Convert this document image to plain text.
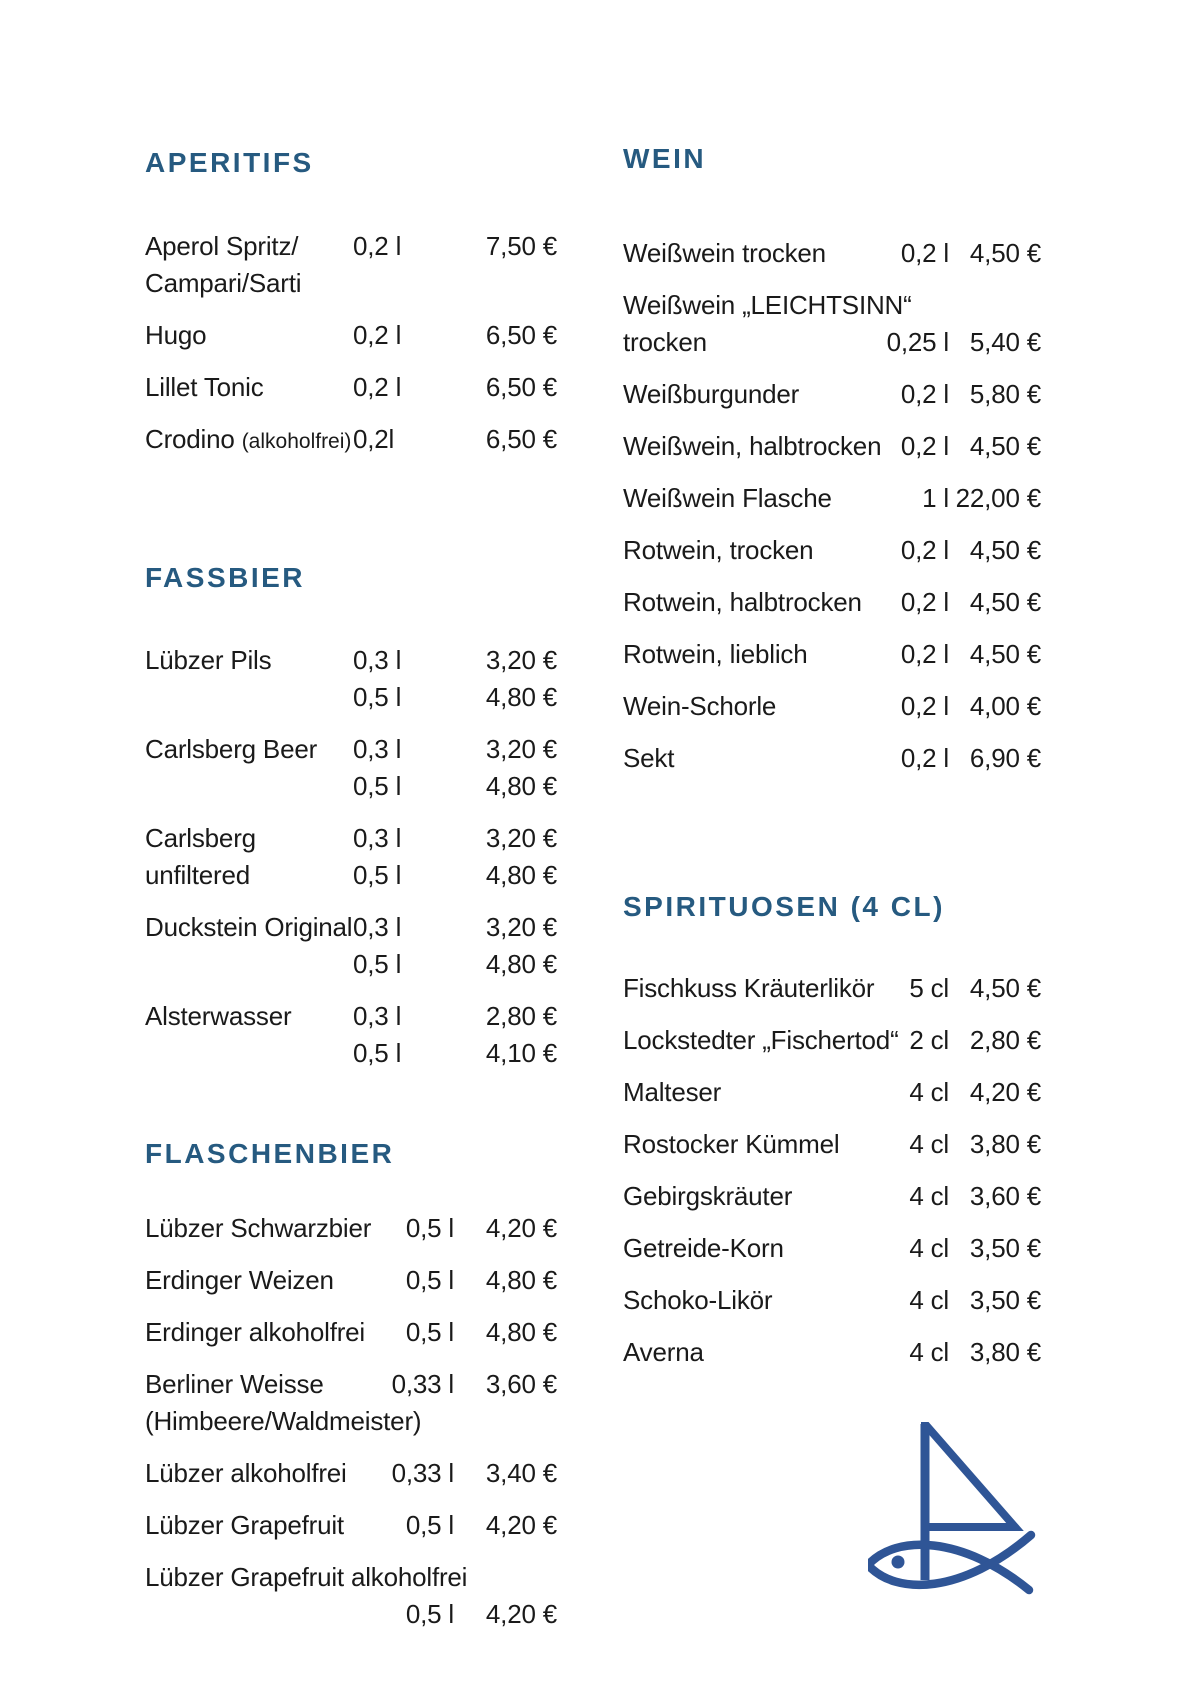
APERITIFS
Aperol Spritz/	0,2 l	7,50 €
Campari/Sarti
Hugo	0,2 l	6,50 €
Lillet Tonic	0,2 l	6,50 €
Crodino (alkoholfrei) 0,2l	6,50 €
FASSBIER
Lübzer Pils	0,3 l	3,20 €
0,5 l	4,80 €
Carlsberg Beer	0,3 l	3,20 €
0,5 l	4,80 €
Carlsberg	0,3 l	3,20 €
unfiltered	0,5 l	4,80 €
Duckstein Original 0,3 l	3,20 €
0,5 l	4,80 €
Alsterwasser	0,3 l	2,80 €
0,5 l	4,10 €
FLASCHENBIER
Lübzer Schwarzbier	0,5 l	4,20 €
Erdinger Weizen	0,5 l	4,80 €
Erdinger alkoholfrei	0,5 l	4,80 €
Berliner Weisse	0,33 l	3,60 €
(Himbeere/Waldmeister)
Lübzer alkoholfrei	0,33 l	3,40 €
Lübzer Grapefruit	0,5 l	4,20 €
Lübzer Grapefruit alkoholfrei
0,5 l	4,20 €
WEIN
Weißwein trocken	0,2 l 4,50 €
Weißwein „LEICHTSINN“
trocken	0,25 l 5,40 €
Weißburgunder	0,2 l 5,80 €
Weißwein, halbtrocken 0,2 l 4,50 €
Weißwein Flasche	1 l 22,00 €
Rotwein, trocken	0,2 l 4,50 €
Rotwein, halbtrocken	0,2 l 4,50 €
Rotwein, lieblich	0,2 l 4,50 €
Wein-Schorle	0,2 l 4,00 €
Sekt	0,2 l 6,90 €
SPIRITUOSEN (4 CL)
Fischkuss Kräuterlikör	5 cl 4,50 €
Lockstedter „Fischertod“ 2 cl 2,80 €
Malteser	4 cl 4,20 €
Rostocker Kümmel	4 cl 3,80 €
Gebirgskräuter	4 cl 3,60 €
Getreide-Korn	4 cl 3,50 €
Schoko-Likör	4 cl 3,50 €
Averna	4 cl 3,80 €
